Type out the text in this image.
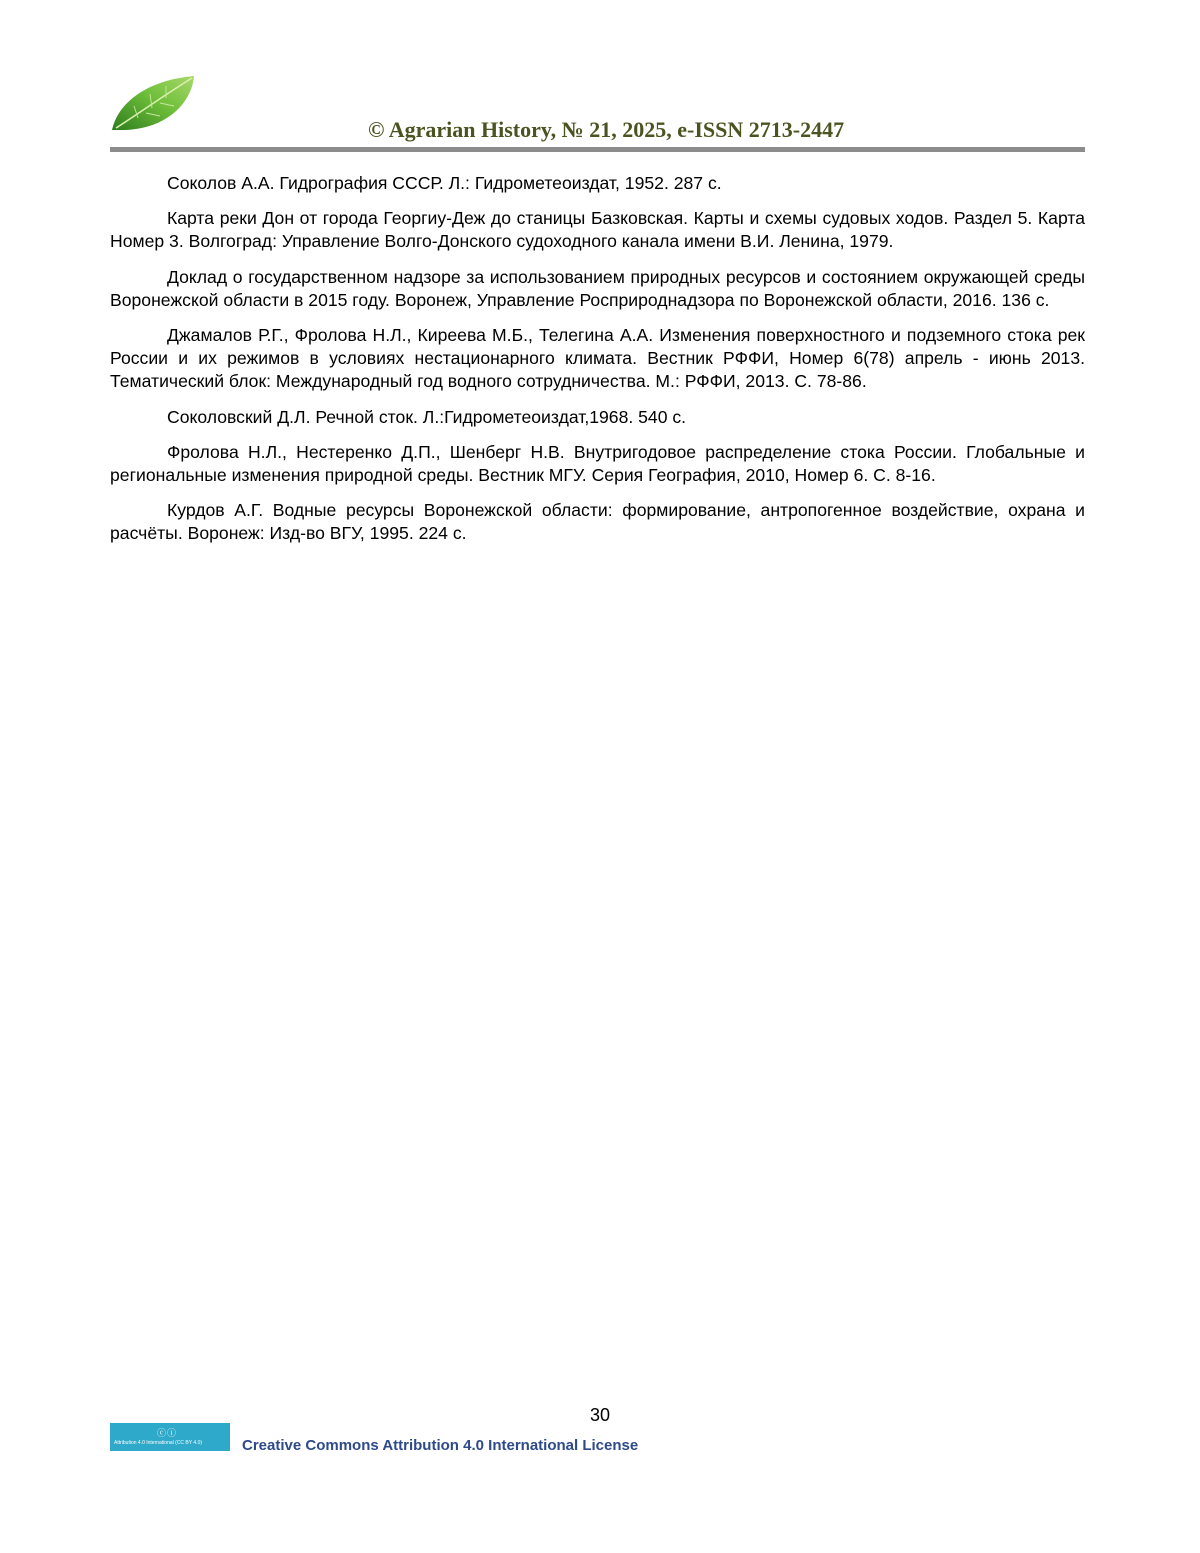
© Agrarian History, № 21, 2025, e-ISSN 2713-2447

Соколов А.А. Гидрография СССР. Л.: Гидрометеоиздат, 1952. 287 с.

Карта реки Дон от города Георгиу-Деж до станицы Базковская. Карты и схемы судовых ходов. Раздел 5. Карта Номер 3. Волгоград: Управление Волго-Донского судоходного канала имени В.И. Ленина, 1979.

Доклад о государственном надзоре за использованием природных ресурсов и состоянием окружающей среды Воронежской области в 2015 году. Воронеж, Управление Росприроднадзора по Воронежской области, 2016. 136 с.

Джамалов Р.Г., Фролова Н.Л., Киреева М.Б., Телегина А.А. Изменения поверхностного и подземного стока рек России и их режимов в условиях нестационарного климата. Вестник РФФИ, Номер 6(78) апрель - июнь 2013. Тематический блок: Международный год водного сотрудничества. М.: РФФИ, 2013. С. 78-86.

Соколовский Д.Л. Речной сток. Л.:Гидрометеоиздат,1968. 540 с.

Фролова Н.Л., Нестеренко Д.П., Шенберг Н.В. Внутригодовое распределение стока России. Глобальные и региональные изменения природной среды. Вестник МГУ. Серия География, 2010, Номер 6. С. 8-16.

Курдов А.Г. Водные ресурсы Воронежской области: формирование, антропогенное воздействие, охрана и расчёты. Воронеж: Изд-во ВГУ, 1995. 224 с.

30
ⓒⓘ
Attribution 4.0 International (CC BY 4.0)	Creative Commons Attribution 4.0 International License
